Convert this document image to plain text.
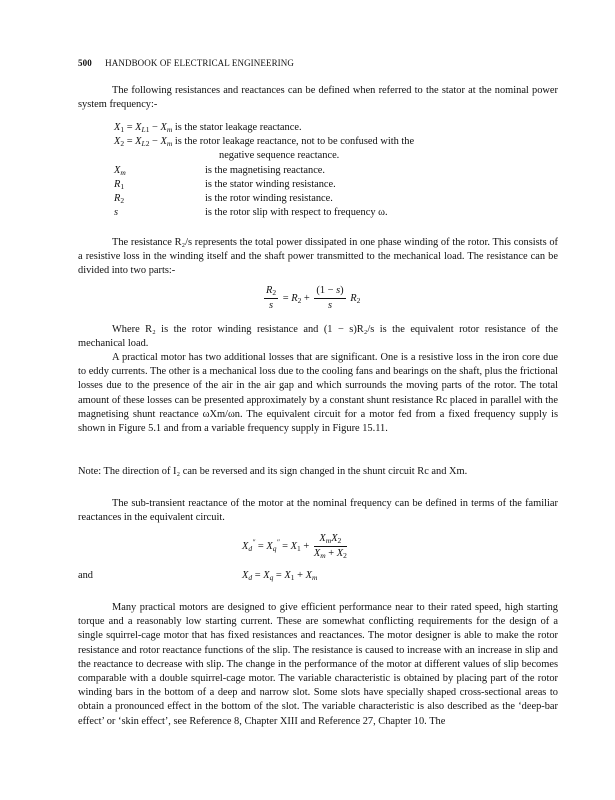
500 HANDBOOK OF ELECTRICAL ENGINEERING
The following resistances and reactances can be defined when referred to the stator at the nominal power system frequency:-
$X_1 = X_{L1} - X_m$ is the stator leakage reactance.
$X_2 = X_{L2} - X_m$ is the rotor leakage reactance, not to be confused with the
negative sequence reactance.
$X_m$	is the magnetising reactance.
$R_1$	is the stator winding resistance.
$R_2$	is the rotor winding resistance.
s	is the rotor slip with respect to frequency ω.
The resistance R₂/s represents the total power dissipated in one phase winding of the rotor. This consists of a resistive loss in the winding itself and the shaft power transmitted to the mechanical load. The resistance can be divided into two parts:-
$\frac{R_2}{s} = R_2 + \frac{(1 - s)}{s} R_2$
Where R₂ is the rotor winding resistance and (1 − s)R₂/s is the equivalent rotor resistance of the mechanical load.
A practical motor has two additional losses that are significant. One is a resistive loss in the iron core due to eddy currents. The other is a mechanical loss due to the cooling fans and bearings on the shaft, plus the frictional losses due to the presence of the air in the air gap and which surrounds the moving parts of the rotor. The total amount of these losses can be presented approximately by a constant shunt resistance Rc placed in parallel with the magnetising shunt reactance ωXm/ωn. The equivalent circuit for a motor fed from a fixed frequency supply is shown in Figure 5.1 and from a variable frequency supply in Figure 15.11.
Note: The direction of I₂ can be reversed and its sign changed in the shunt circuit Rc and Xm.
The sub-transient reactance of the motor at the nominal frequency can be defined in terms of the familiar reactances in the equivalent circuit.
$X_d'' = X_q'' = X_1 + \frac{X_mX_2}{X_m + X_2}$
and	$X_d = X_q = X_1 + X_m$
Many practical motors are designed to give efficient performance near to their rated speed, high starting torque and a reasonably low starting current. These are somewhat conflicting requirements for the design of a single squirrel-cage motor that has fixed resistances and reactances. The motor designer is able to make the rotor resistance and rotor reactance functions of the slip. The resistance is caused to increase with an increase in slip and the reactance to decrease with slip. The change in the performance of the motor at different values of slip becomes comparable with a double squirrel-cage motor. The variable characteristic is obtained by placing part of the rotor winding bars in the bottom of a deep and narrow slot. Some slots have specially shaped cross-sectional areas to obtain a pronounced effect in the bottom of the slot. The variable characteristic is also described as the ‘deep-bar effect’ or ‘skin effect’, see Reference 8, Chapter XIII and Reference 27, Chapter 10. The
